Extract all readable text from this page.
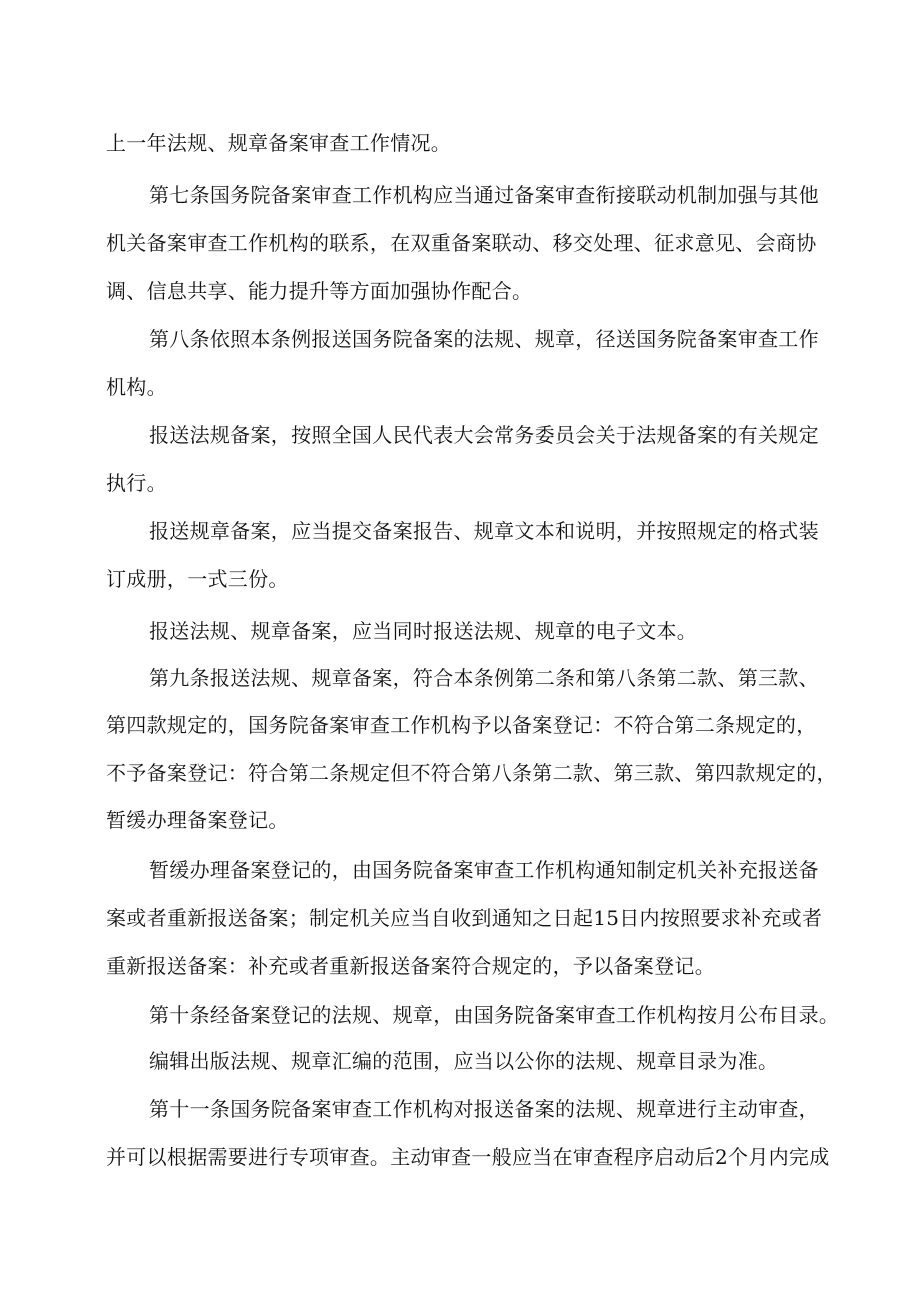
上一年法规、规章备案审查工作情况。
第七条国务院备案审查工作机构应当通过备案审查衔接联动机制加强与其他
机关备案审查工作机构的联系，在双重备案联动、移交处理、征求意见、会商协
调、信息共享、能力提升等方面加强协作配合。
第八条依照本条例报送国务院备案的法规、规章，径送国务院备案审查工作
机构。
报送法规备案，按照全国人民代表大会常务委员会关于法规备案的有关规定
执行。
报送规章备案，应当提交备案报告、规章文本和说明，并按照规定的格式装
订成册，一式三份。
报送法规、规章备案，应当同时报送法规、规章的电子文本。
第九条报送法规、规章备案，符合本条例第二条和第八条第二款、第三款、
第四款规定的，国务院备案审查工作机构予以备案登记：不符合第二条规定的，
不予备案登记：符合第二条规定但不符合第八条第二款、第三款、第四款规定的，
暂缓办理备案登记。
暂缓办理备案登记的，由国务院备案审查工作机构通知制定机关补充报送备
案或者重新报送备案；制定机关应当自收到通知之日起15日内按照要求补充或者
重新报送备案：补充或者重新报送备案符合规定的，予以备案登记。
第十条经备案登记的法规、规章，由国务院备案审查工作机构按月公布目录。
编辑出版法规、规章汇编的范围，应当以公你的法规、规章目录为准。
第十一条国务院备案审查工作机构对报送备案的法规、规章进行主动审查，
并可以根据需要进行专项审查。主动审查一般应当在审查程序启动后2个月内完成
